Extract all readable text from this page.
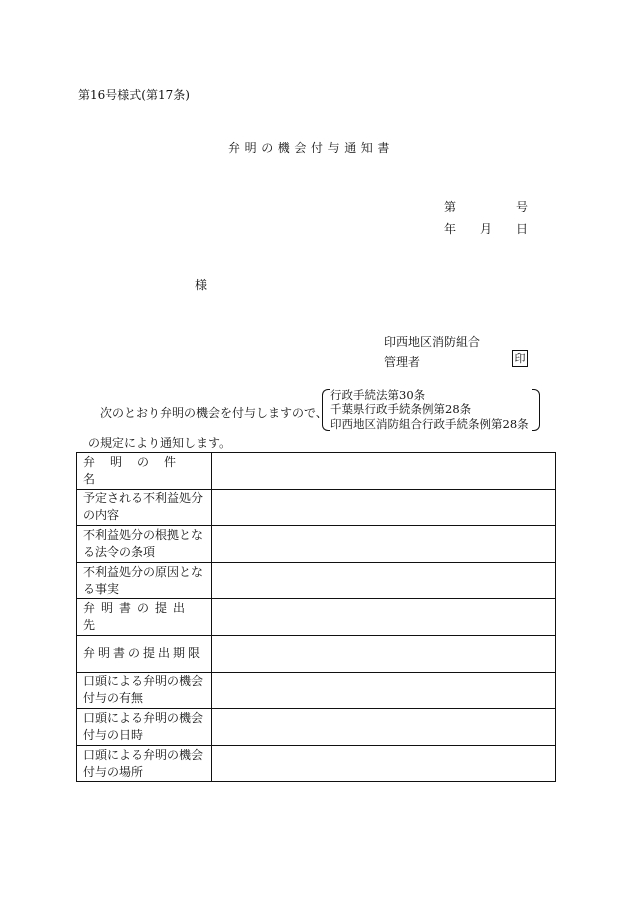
第16号様式(第17条)
弁明の機会付与通知書
第	号
年 月 日
様
印西地区消防組合
管理者	印
次のとおり弁明の機会を付与しますので、
行政手続法第30条
千葉県行政手続条例第28条
印西地区消防組合行政手続条例第28条
の規定により通知します。
弁明の件名	
予定される不利益処分の内容	
不利益処分の根拠となる法令の条項	
不利益処分の原因となる事実	
弁明書の提出先	
弁明書の提出期限	
口頭による弁明の機会付与の有無	
口頭による弁明の機会付与の日時	
口頭による弁明の機会付与の場所	
